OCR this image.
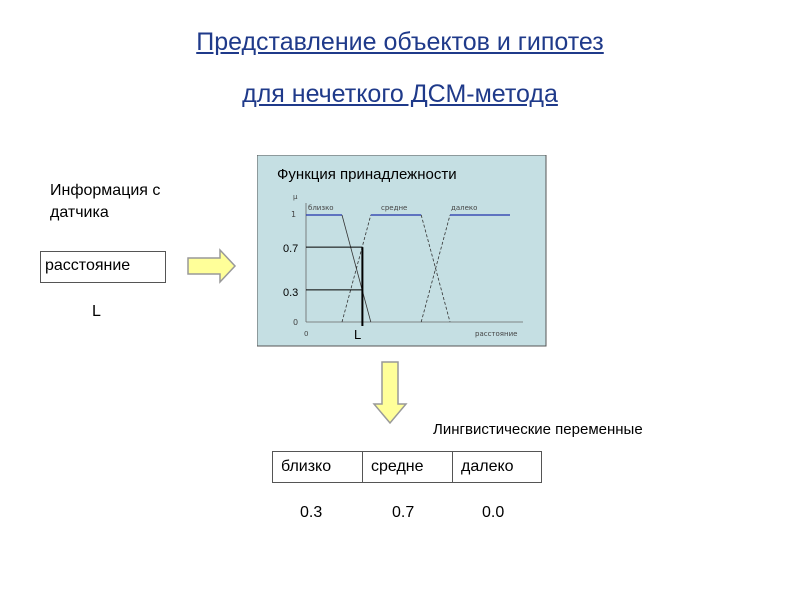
Представление объектов и гипотез
для нечеткого ДСМ-метода
Информация с
датчика
расстояние
L
Функция принадлежности
μ
0	расстояние
1
0.7
0.3
0
близко	средне	далеко
L
Лингвистические переменные
близко	средне	далеко
0.3	0.7	0.0
